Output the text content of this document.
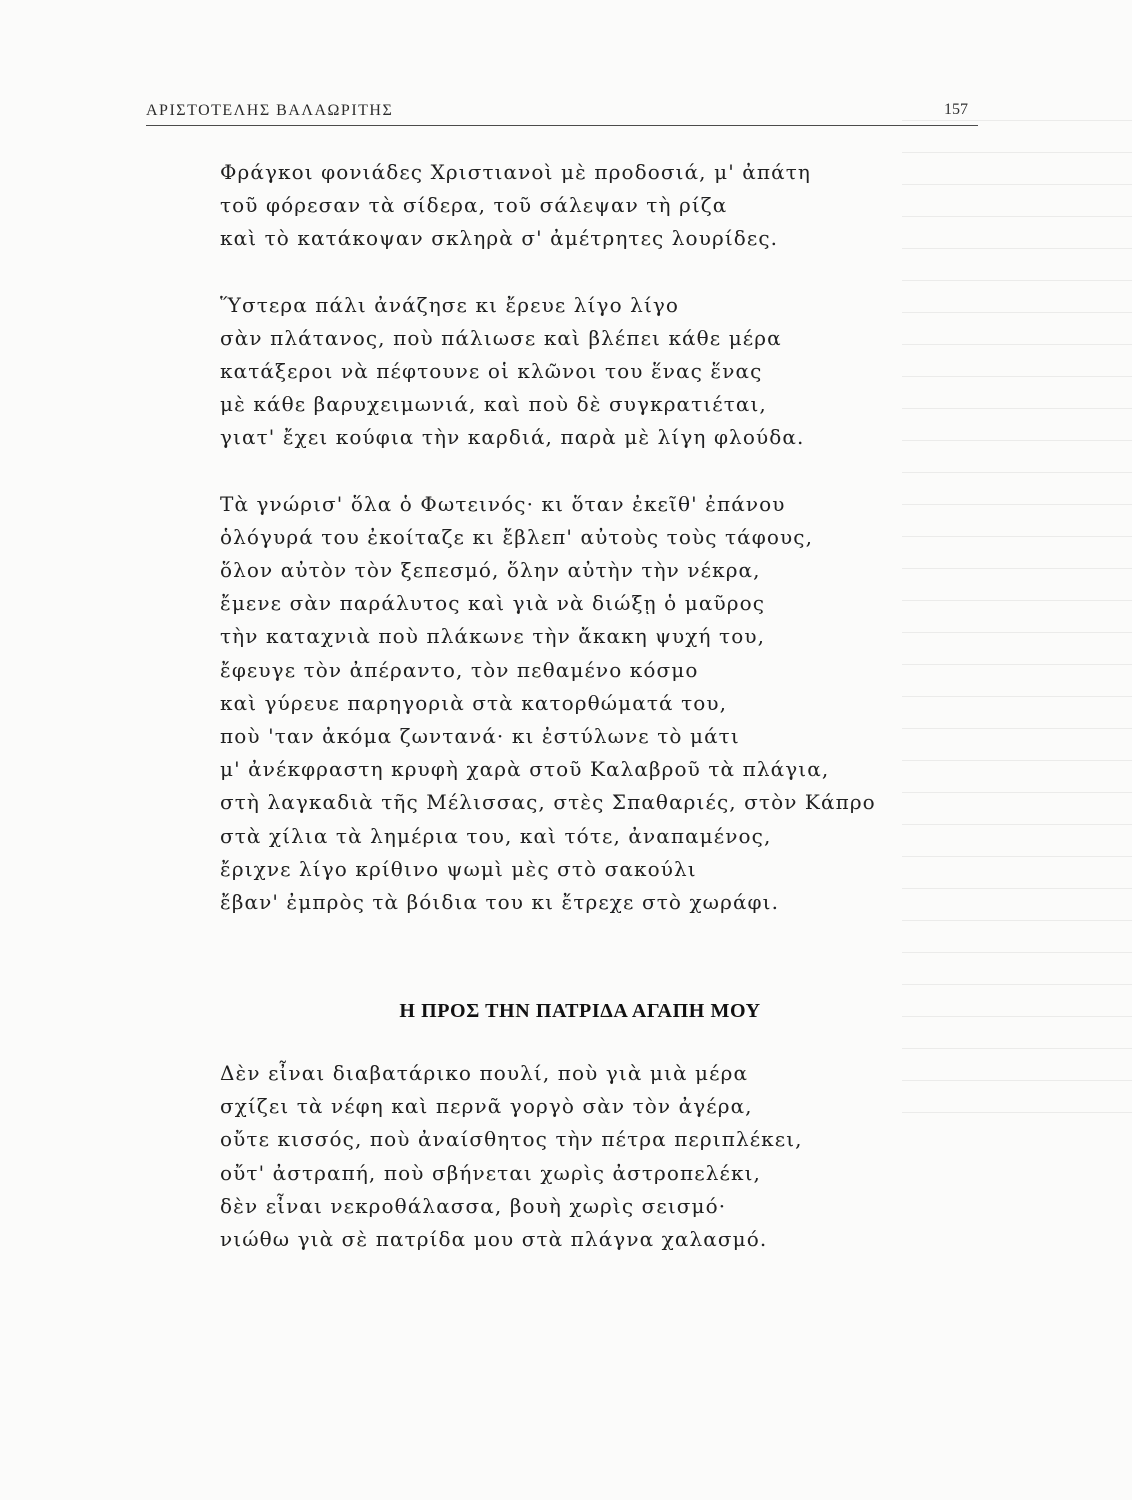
ΑΡΙΣΤΟΤΕΛΗΣ ΒΑΛΑΩΡΙΤΗΣ	157
Φράγκοι φονιάδες Χριστιανοὶ μὲ προδοσιά, μ' ἀπάτη
τοῦ φόρεσαν τὰ σίδερα, τοῦ σάλεψαν τὴ ρίζα
καὶ τὸ κατάκοψαν σκληρὰ σ' ἀμέτρητες λουρίδες.
Ὕστερα πάλι ἀνάζησε κι ἔρευε λίγο λίγο
σὰν πλάτανος, ποὺ πάλιωσε καὶ βλέπει κάθε μέρα
κατάξεροι νὰ πέφτουνε οἱ κλῶνοι του ἕνας ἕνας
μὲ κάθε βαρυχειμωνιά, καὶ ποὺ δὲ συγκρατιέται,
γιατ' ἔχει κούφια τὴν καρδιά, παρὰ μὲ λίγη φλούδα.
Τὰ γνώρισ' ὅλα ὁ Φωτεινός· κι ὅταν ἐκεῖθ' ἐπάνου
ὁλόγυρά του ἐκοίταζε κι ἔβλεπ' αὐτοὺς τοὺς τάφους,
ὅλον αὐτὸν τὸν ξεπεσμό, ὅλην αὐτὴν τὴν νέκρα,
ἔμενε σὰν παράλυτος καὶ γιὰ νὰ διώξῃ ὁ μαῦρος
τὴν καταχνιὰ ποὺ πλάκωνε τὴν ἄκακη ψυχή του,
ἔφευγε τὸν ἀπέραντο, τὸν πεθαμένο κόσμο
καὶ γύρευε παρηγοριὰ στὰ κατορθώματά του,
ποὺ 'ταν ἀκόμα ζωντανά· κι ἐστύλωνε τὸ μάτι
μ' ἀνέκφραστη κρυφὴ χαρὰ στοῦ Καλαβροῦ τὰ πλάγια,
στὴ λαγκαδιὰ τῆς Μέλισσας, στὲς Σπαθαριές, στὸν Κάπρο
στὰ χίλια τὰ λημέρια του, καὶ τότε, ἀναπαμένος,
ἔριχνε λίγο κρίθινο ψωμὶ μὲς στὸ σακούλι
ἔβαν' ἐμπρὸς τὰ βόιδια του κι ἔτρεχε στὸ χωράφι.
Η ΠΡΟΣ ΤΗΝ ΠΑΤΡΙΔΑ ΑΓΑΠΗ ΜΟΥ
Δὲν εἶναι διαβατάρικο πουλί, ποὺ γιὰ μιὰ μέρα
σχίζει τὰ νέφη καὶ περνᾶ γοργὸ σὰν τὸν ἀγέρα,
οὔτε κισσός, ποὺ ἀναίσθητος τὴν πέτρα περιπλέκει,
οὔτ' ἀστραπή, ποὺ σβήνεται χωρὶς ἀστροπελέκι,
δὲν εἶναι νεκροθάλασσα, βουὴ χωρὶς σεισμό·
νιώθω γιὰ σὲ πατρίδα μου στὰ πλάγνα χαλασμό.
